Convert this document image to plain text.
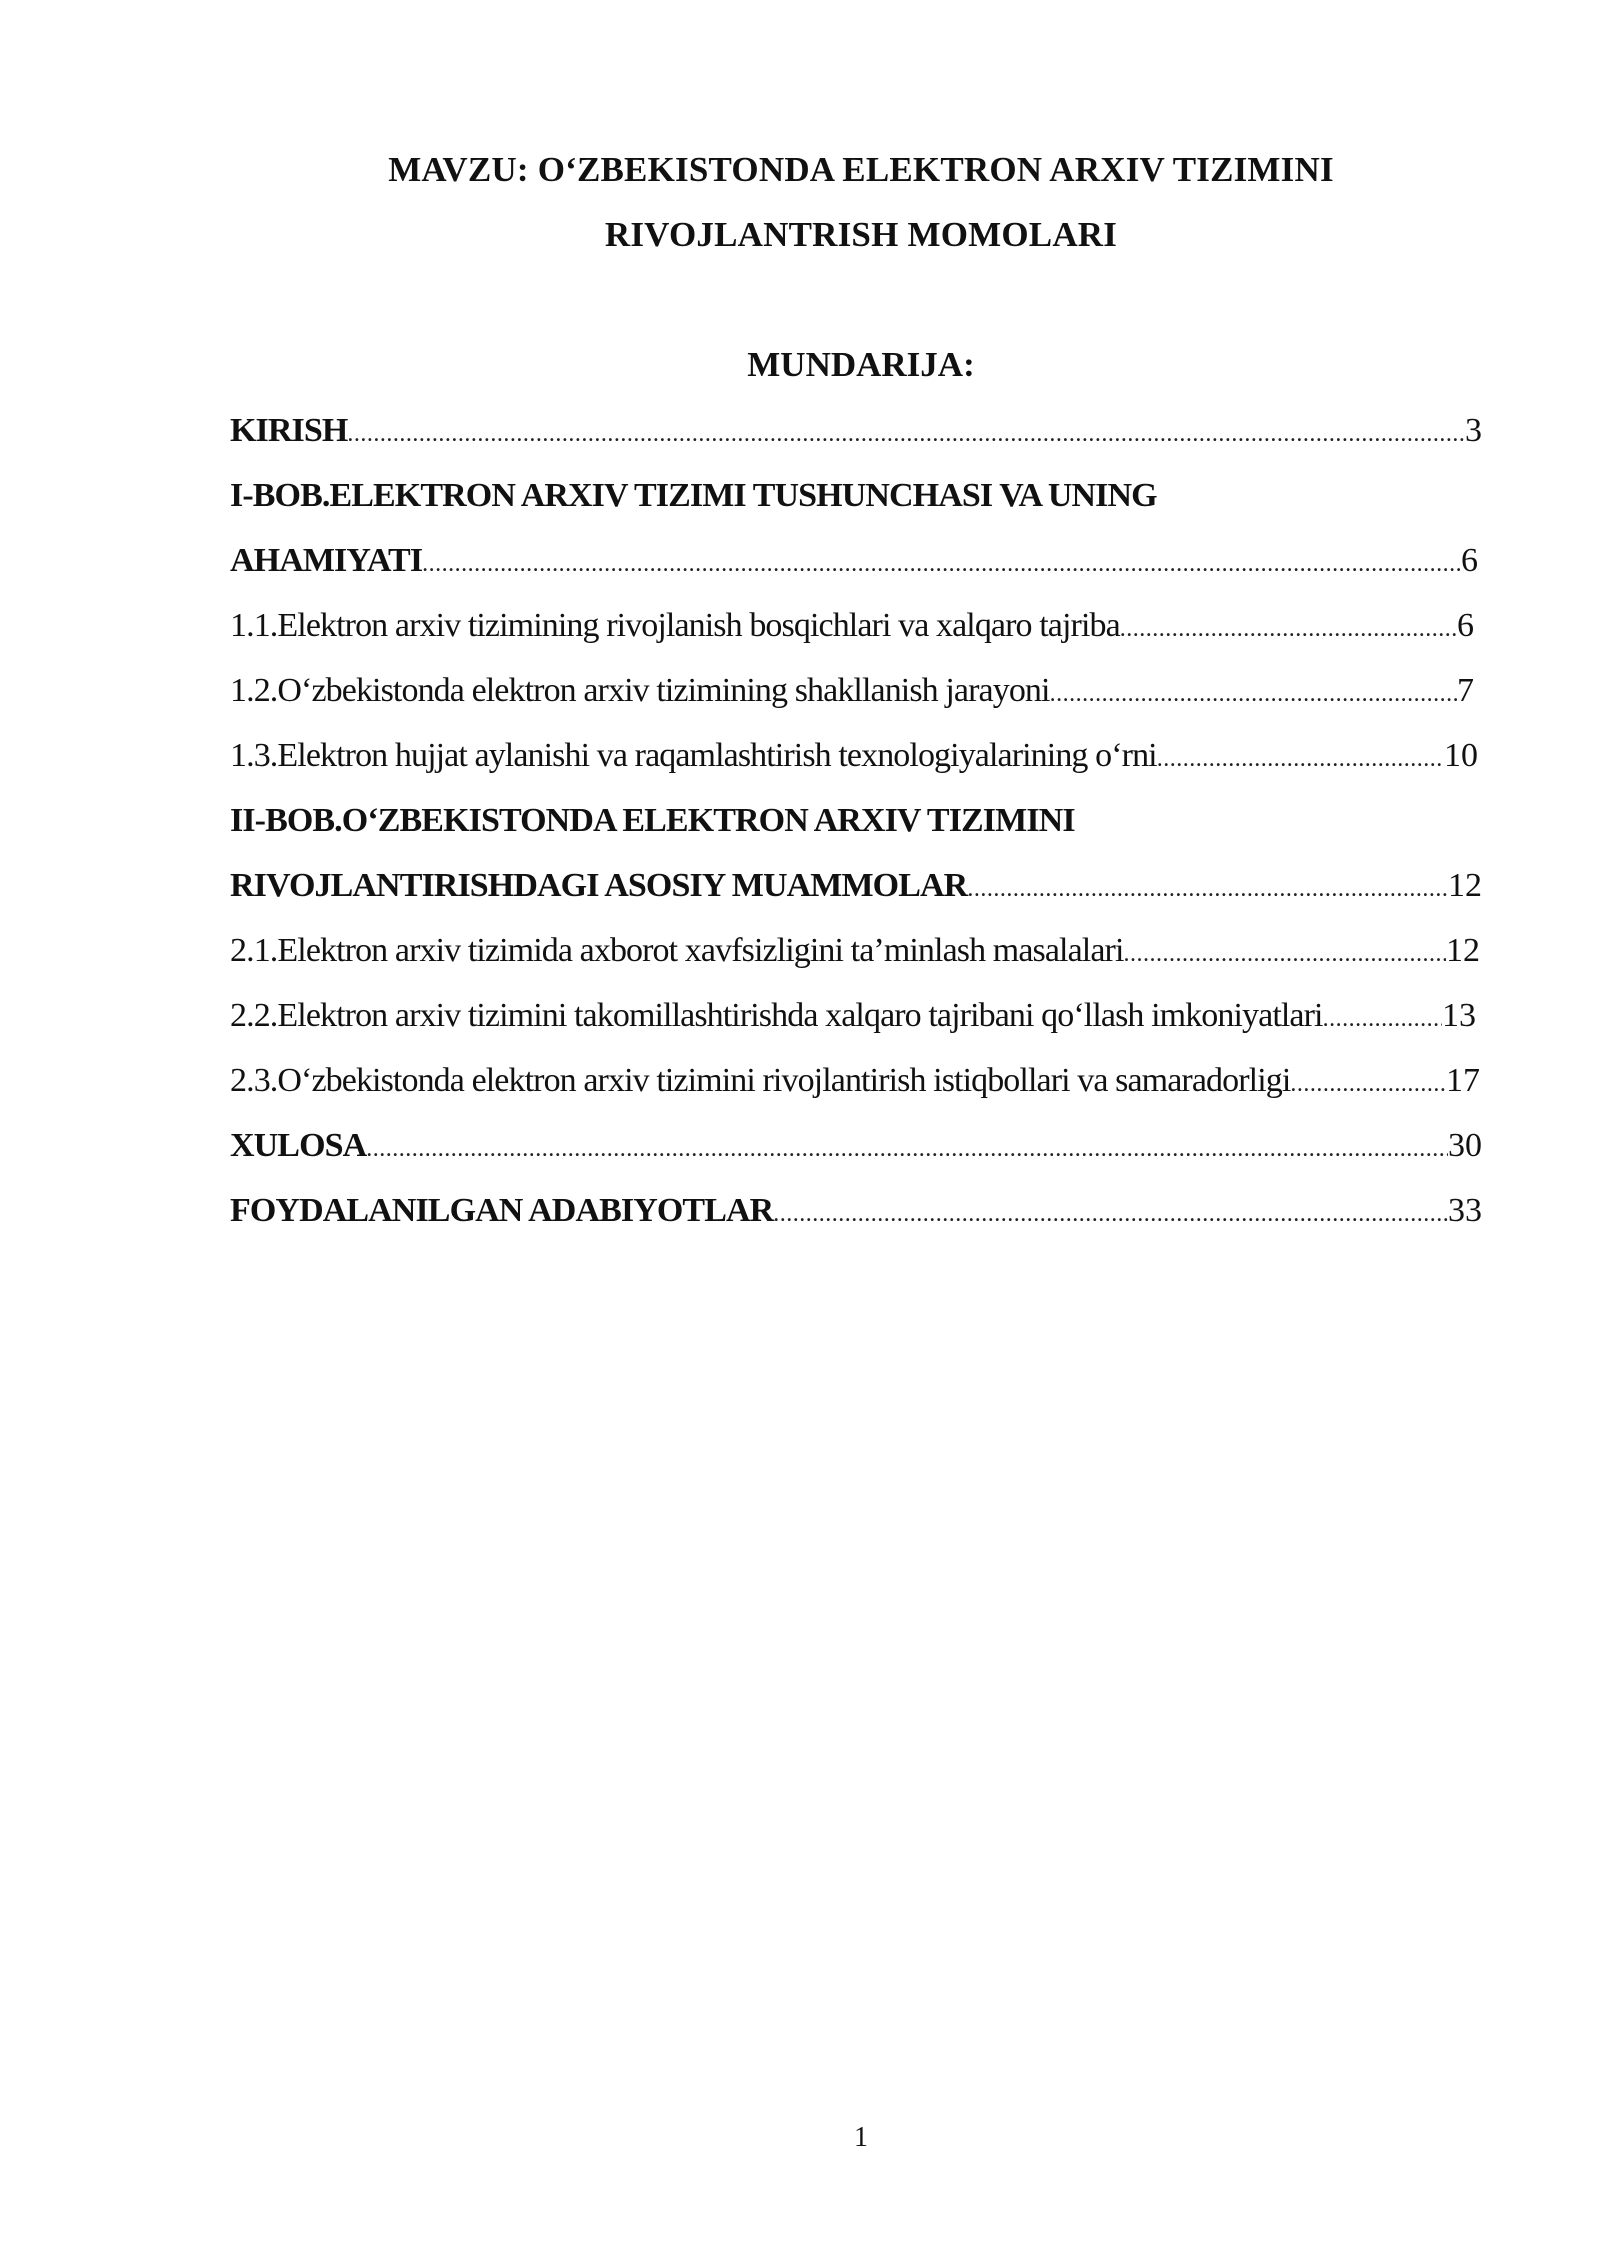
MAVZU: O‘ZBEKISTONDA ELEKTRON ARXIV TIZIMINI
RIVOJLANTRISH MOMOLARI
MUNDARIJA:
KIRISH .....	3
I-BOB.ELEKTRON ARXIV TIZIMI TUSHUNCHASI VA UNING
AHAMIYATI .....	6
1.1.Elektron arxiv tizimining rivojlanish bosqichlari va xalqaro tajriba .....	6
1.2.O‘zbekistonda elektron arxiv tizimining shakllanish jarayoni .....	7
1.3.Elektron hujjat aylanishi va raqamlashtirish texnologiyalarining o‘rni .....	10
II-BOB.O‘ZBEKISTONDA ELEKTRON ARXIV TIZIMINI
RIVOJLANTIRISHDAGI ASOSIY MUAMMOLAR .....	12
2.1.Elektron arxiv tizimida axborot xavfsizligini ta’minlash masalalari .....	12
2.2.Elektron arxiv tizimini takomillashtirishda xalqaro tajribani qo‘llash imkoniyatlari .....	13
2.3.O‘zbekistonda elektron arxiv tizimini rivojlantirish istiqbollari va samaradorligi .....	17
XULOSA .....	30
FOYDALANILGAN ADABIYOTLAR .....	33
1
